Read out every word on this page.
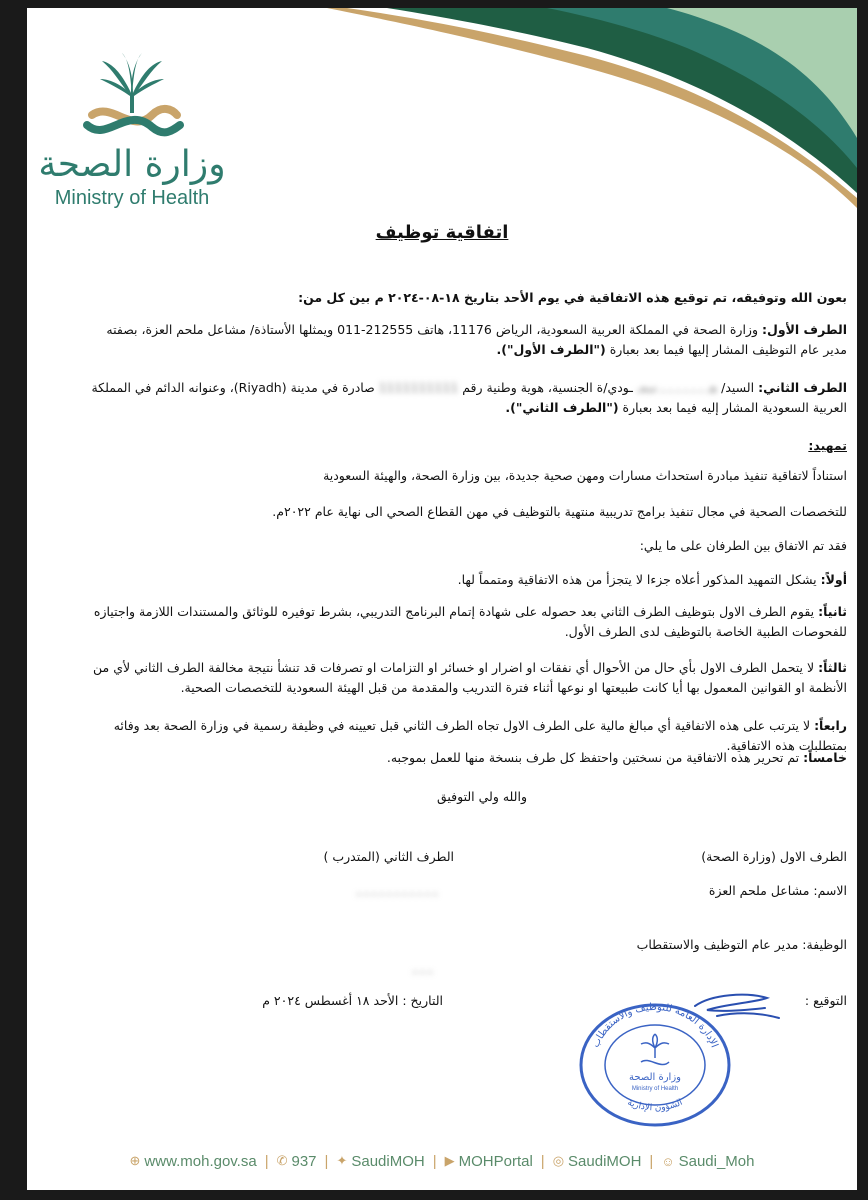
وزارة الصحة
Ministry of Health
اتفاقية توظيف
بعون الله وتوفيقه، تم توقيع هذه الاتفاقية في يوم الأحد بتاريخ ١٨-٠٨-٢٠٢٤ م بين كل من:
الطرف الأول: وزارة الصحة في المملكة العربية السعودية، الرياض 11176، هاتف 212555-011 ويمثلها الأستاذة/ مشاعل ملحم العزة، بصفته مدير عام التوظيف المشار إليها فيما بعد بعبارة ("الطرف الأول").
الطرف الثاني: السيد/ هـ ـ ـ ـ ـ ـ ـ سعـ ـودي/ة الجنسية، هوية وطنية رقم 1111111111 صادرة في مدينة (Riyadh)، وعنوانه الدائم في المملكة العربية السعودية المشار إليه فيما بعد بعبارة ("الطرف الثاني").
تمهيد:
استناداً لاتفاقية تنفيذ مبادرة استحداث مسارات ومهن صحية جديدة، بين وزارة الصحة، والهيئة السعودية
للتخصصات الصحية في مجال تنفيذ برامج تدريبية منتهية بالتوظيف في مهن القطاع الصحي الى نهاية عام ٢٠٢٢م.
فقد تم الاتفاق بين الطرفان على ما يلي:
أولاً: يشكل التمهيد المذكور أعلاه جزءا لا يتجزأ من هذه الاتفاقية ومتمماً لها.
ثانياً: يقوم الطرف الاول بتوظيف الطرف الثاني بعد حصوله على شهادة إتمام البرنامج التدريبي، بشرط توفيره للوثائق والمستندات اللازمة واجتيازه للفحوصات الطبية الخاصة بالتوظيف لدى الطرف الأول.
ثالثاً: لا يتحمل الطرف الاول بأي حال من الأحوال أي نفقات او اضرار او خسائر او التزامات او تصرفات قد تنشأ نتيجة مخالفة الطرف الثاني لأي من الأنظمة او القوانين المعمول بها أيا كانت طبيعتها او نوعها أثناء فترة التدريب والمقدمة من قبل الهيئة السعودية للتخصصات الصحية.
رابعاً: لا يترتب على هذه الاتفاقية أي مبالغ مالية على الطرف الاول تجاه الطرف الثاني قبل تعيينه في وظيفة رسمية في وزارة الصحة بعد وفائه بمتطلبات هذه الاتفاقية.
خامساً: تم تحرير هذه الاتفاقية من نسختين واحتفظ كل طرف بنسخة منها للعمل بموجبه.
والله ولي التوفيق
الطرف الاول (وزارة الصحة)
الطرف الثاني (المتدرب )
الاسم: مشاعل ملحم العزة
ـ ـ ـ ـ ـ ـ ـ ـ ـ ـ ـ
الوظيفة: مدير عام التوظيف والاستقطاب
ـ ـ ـ
التوقيع :
التاريخ : الأحد ١٨ أغسطس ٢٠٢٤ م
الإدارة العامة للتوظيف والاستقطاب
الشؤون الإدارية
وزارة الصحة
Ministry of Health
⊕ www.moh.gov.sa | ✆ 937 | ✦ SaudiMOH | ▶ MOHPortal | ◎ SaudiMOH | ☺ Saudi_Moh
